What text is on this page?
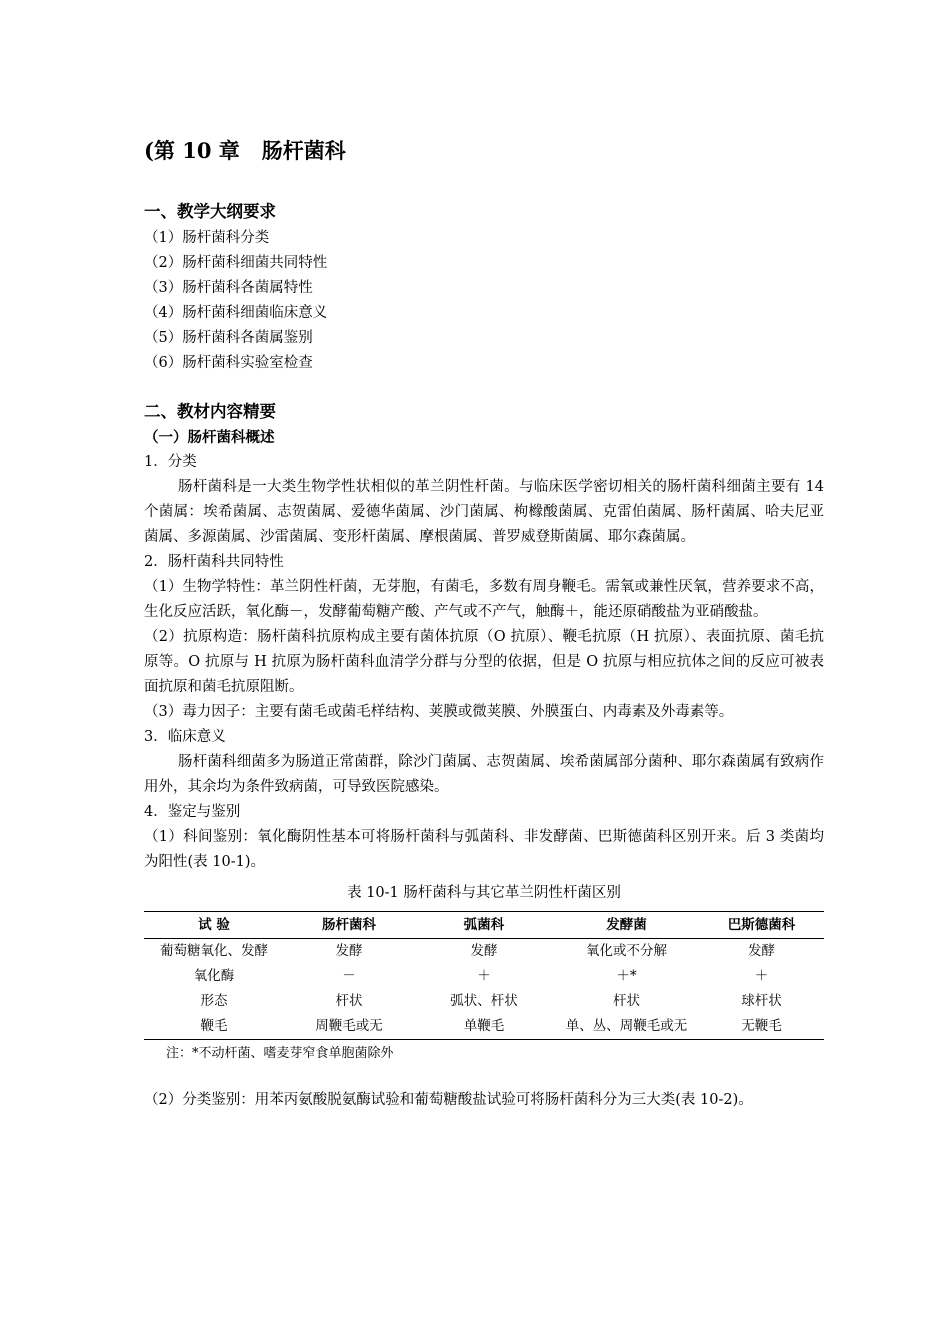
(第 10 章 肠杆菌科
一、教学大纲要求
（1）肠杆菌科分类
（2）肠杆菌科细菌共同特性
（3）肠杆菌科各菌属特性
（4）肠杆菌科细菌临床意义
（5）肠杆菌科各菌属鉴别
（6）肠杆菌科实验室检查
二、教材内容精要
（一）肠杆菌科概述
1．分类
肠杆菌科是一大类生物学性状相似的革兰阴性杆菌。与临床医学密切相关的肠杆菌科细菌主要有 14 个菌属：埃希菌属、志贺菌属、爱德华菌属、沙门菌属、枸橼酸菌属、克雷伯菌属、肠杆菌属、哈夫尼亚菌属、多源菌属、沙雷菌属、变形杆菌属、摩根菌属、普罗威登斯菌属、耶尔森菌属。
2．肠杆菌科共同特性
（1）生物学特性：革兰阴性杆菌，无芽胞，有菌毛，多数有周身鞭毛。需氧或兼性厌氧，营养要求不高，生化反应活跃，氧化酶－，发酵葡萄糖产酸、产气或不产气，触酶＋，能还原硝酸盐为亚硝酸盐。
（2）抗原构造：肠杆菌科抗原构成主要有菌体抗原（O 抗原）、鞭毛抗原（H 抗原）、表面抗原、菌毛抗原等。O 抗原与 H 抗原为肠杆菌科血清学分群与分型的依据，但是 O 抗原与相应抗体之间的反应可被表面抗原和菌毛抗原阻断。
（3）毒力因子：主要有菌毛或菌毛样结构、荚膜或微荚膜、外膜蛋白、内毒素及外毒素等。
3．临床意义
肠杆菌科细菌多为肠道正常菌群，除沙门菌属、志贺菌属、埃希菌属部分菌种、耶尔森菌属有致病作用外，其余均为条件致病菌，可导致医院感染。
4．鉴定与鉴别
（1）科间鉴别：氧化酶阴性基本可将肠杆菌科与弧菌科、非发酵菌、巴斯德菌科区别开来。后 3 类菌均为阳性(表 10-1)。
表 10-1 肠杆菌科与其它革兰阴性杆菌区别
试 验	肠杆菌科	弧菌科	发酵菌	巴斯德菌科
葡萄糖氧化、发酵	发酵	发酵	氧化或不分解	发酵
氧化酶	－	＋	＋*	＋
形态	杆状	弧状、杆状	杆状	球杆状
鞭毛	周鞭毛或无	单鞭毛	单、丛、周鞭毛或无	无鞭毛
注：*不动杆菌、嗜麦芽窄食单胞菌除外
（2）分类鉴别：用苯丙氨酸脱氨酶试验和葡萄糖酸盐试验可将肠杆菌科分为三大类(表 10-2)。
